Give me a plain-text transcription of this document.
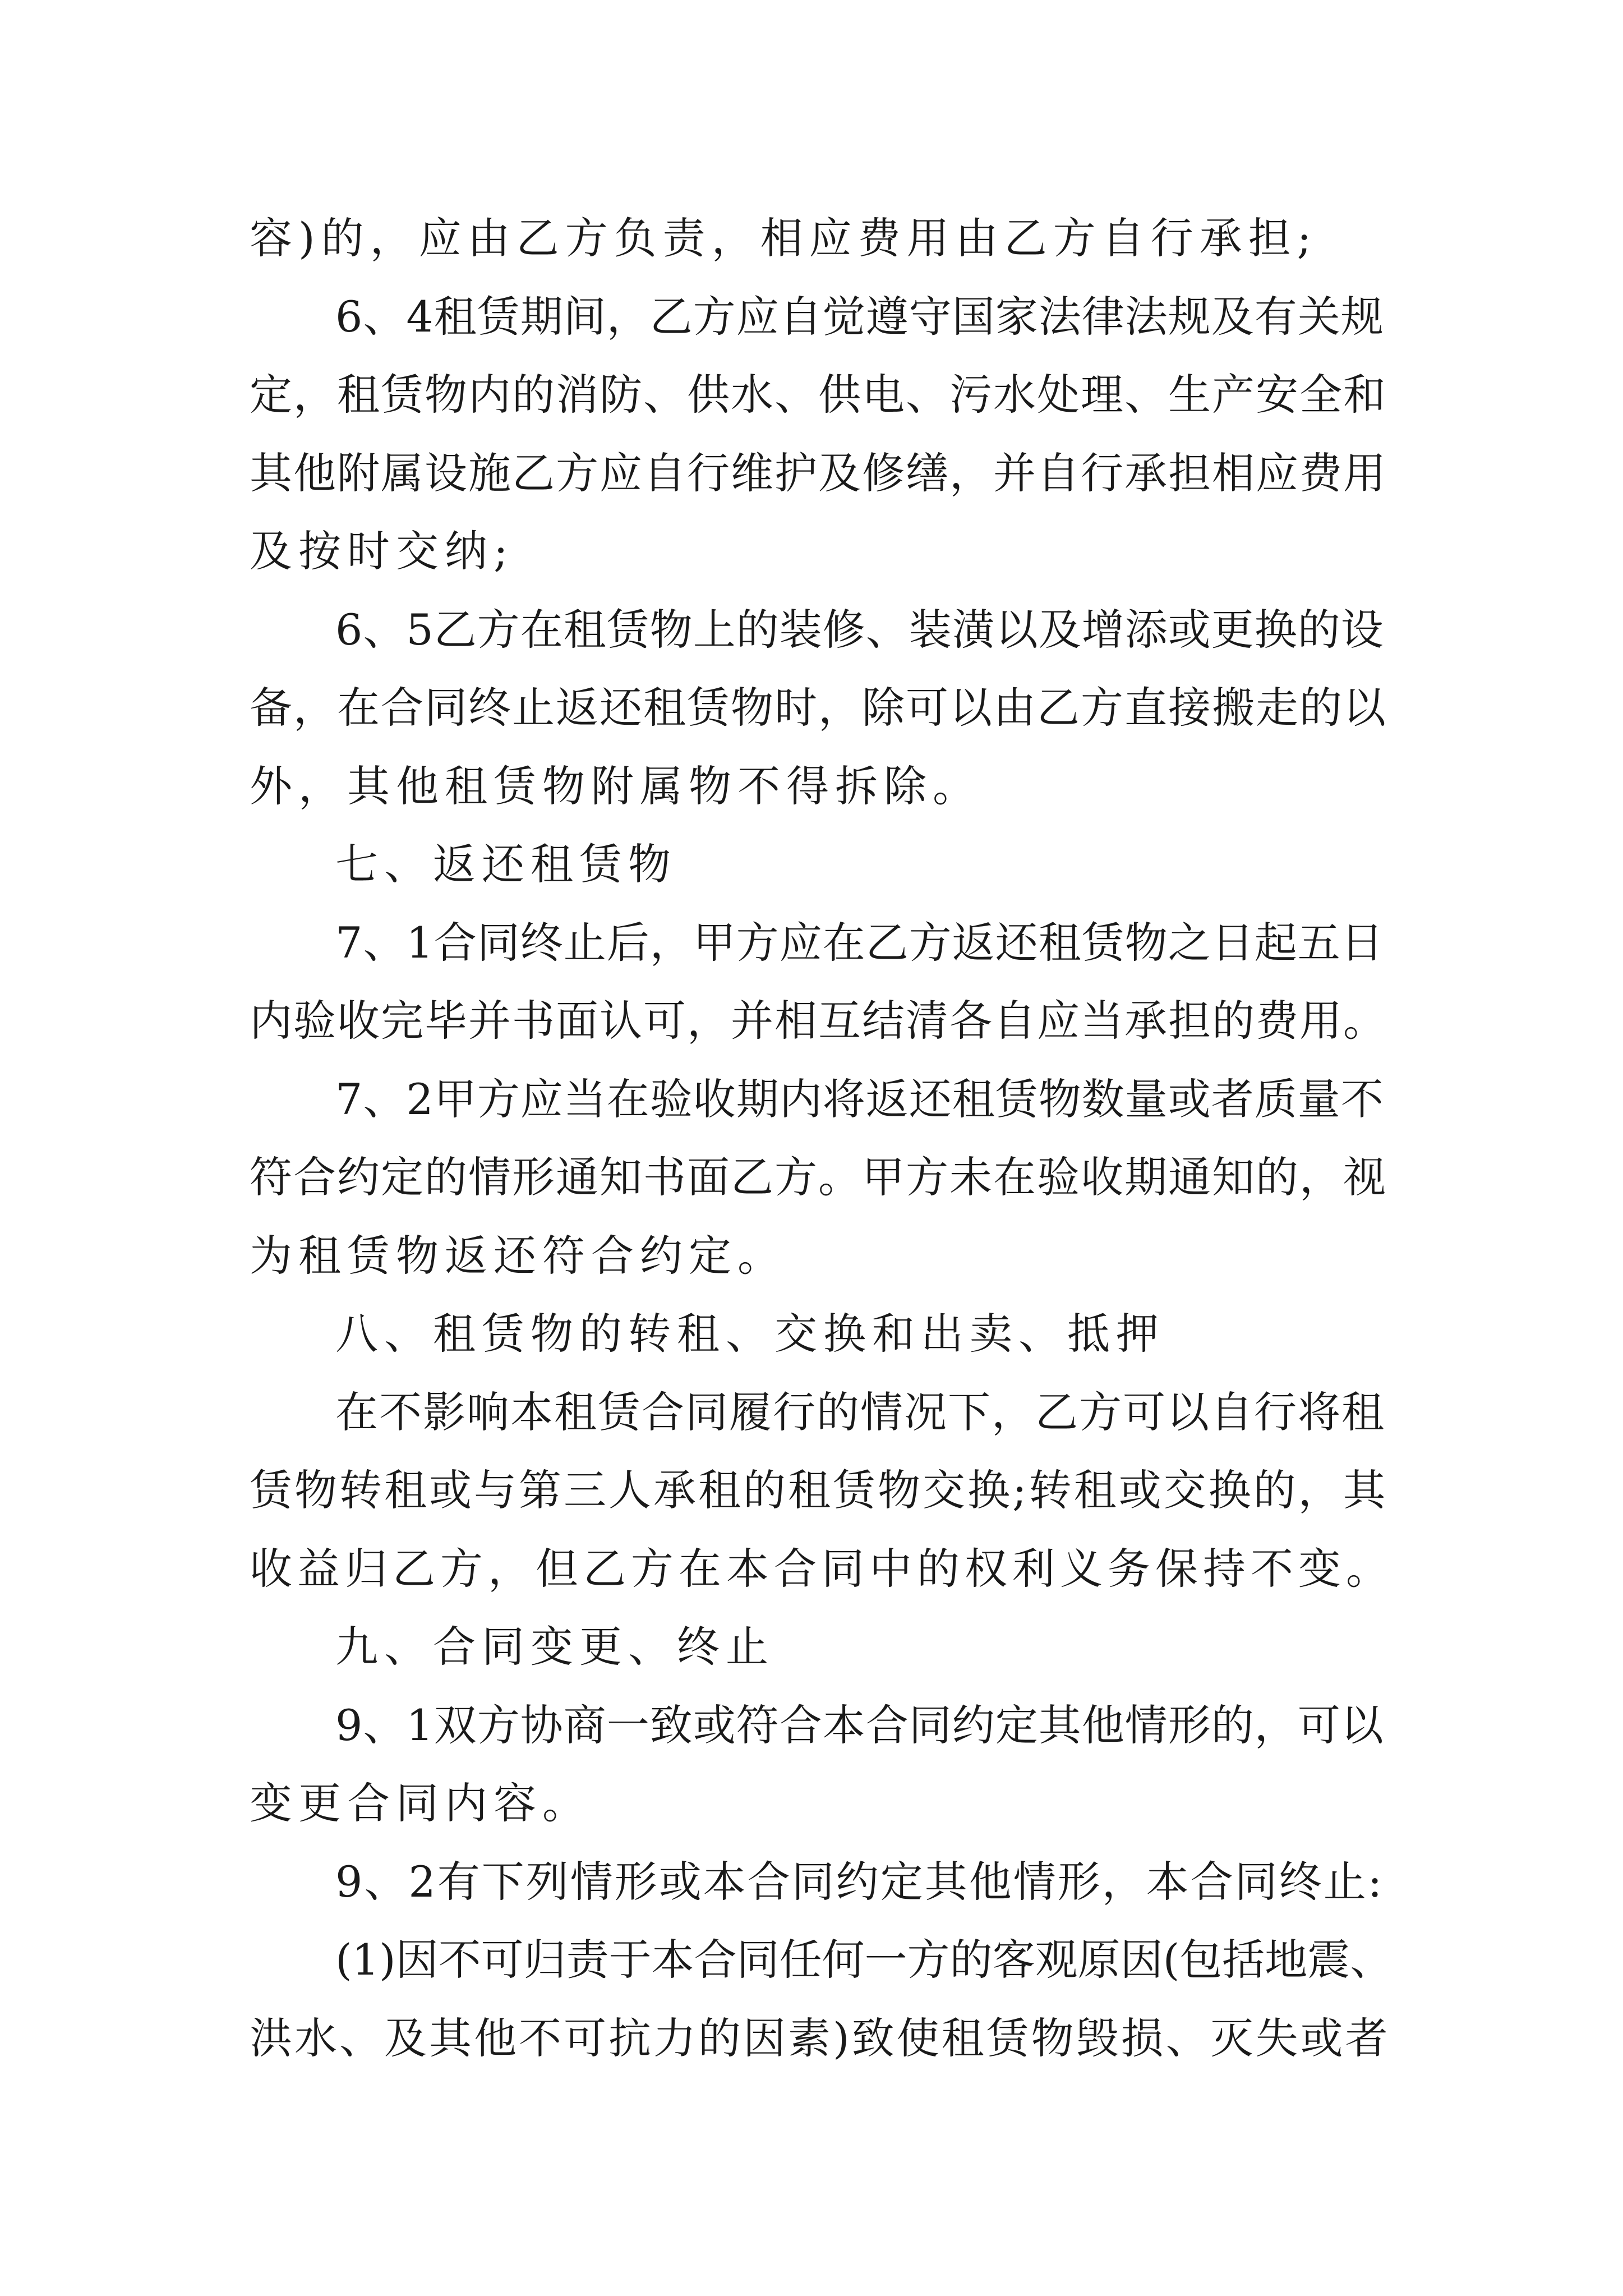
容)的，应由乙方负责，相应费用由乙方自行承担;
6、4租赁期间，乙方应自觉遵守国家法律法规及有关规
定，租赁物内的消防、供水、供电、污水处理、生产安全和
其他附属设施乙方应自行维护及修缮，并自行承担相应费用
及按时交纳;
6、5乙方在租赁物上的装修、装潢以及增添或更换的设
备，在合同终止返还租赁物时，除可以由乙方直接搬走的以
外，其他租赁物附属物不得拆除。
七、返还租赁物
7、1合同终止后，甲方应在乙方返还租赁物之日起五日
内验收完毕并书面认可，并相互结清各自应当承担的费用。
7、2甲方应当在验收期内将返还租赁物数量或者质量不
符合约定的情形通知书面乙方。甲方未在验收期通知的，视
为租赁物返还符合约定。
八、租赁物的转租、交换和出卖、抵押
在不影响本租赁合同履行的情况下，乙方可以自行将租
赁物转租或与第三人承租的租赁物交换;转租或交换的，其
收益归乙方，但乙方在本合同中的权利义务保持不变。
九、合同变更、终止
9、1双方协商一致或符合本合同约定其他情形的，可以
变更合同内容。
9、2有下列情形或本合同约定其他情形，本合同终止:
(1)因不可归责于本合同任何一方的客观原因(包括地震、
洪水、及其他不可抗力的因素)致使租赁物毁损、灭失或者
